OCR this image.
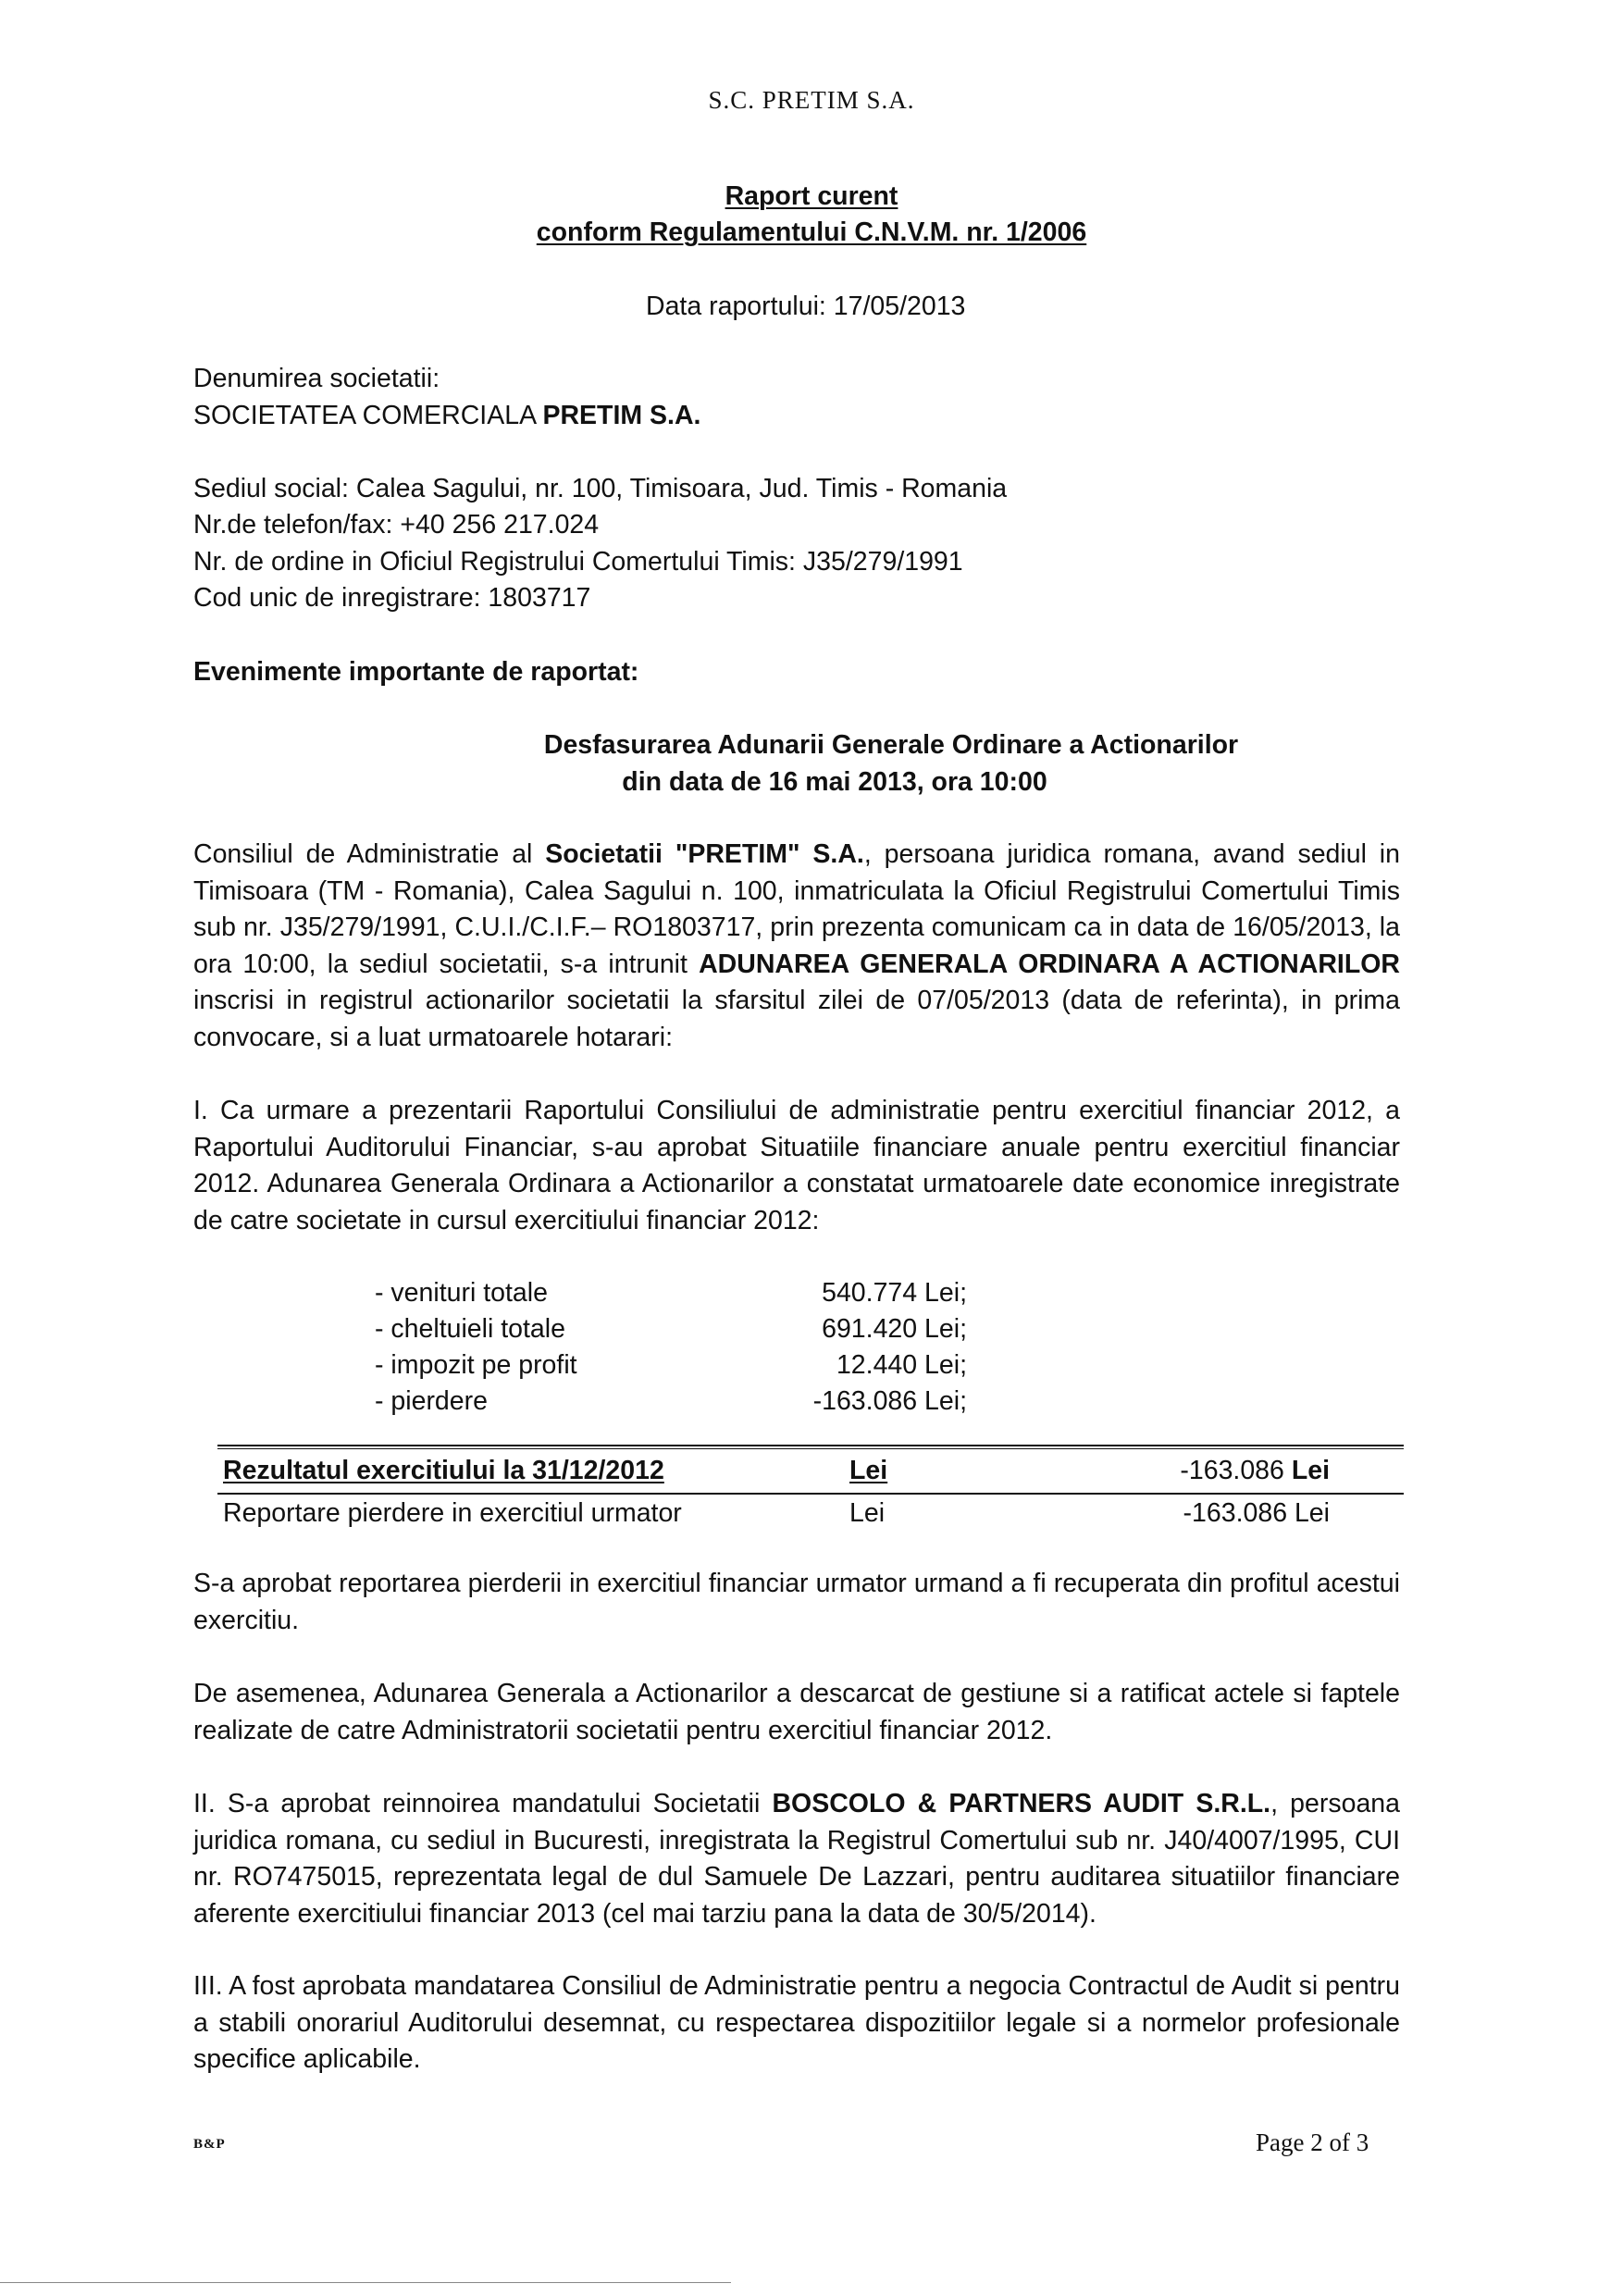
S.C. PRETIM S.A.
Raport curent
conform Regulamentului C.N.V.M. nr. 1/2006
Data raportului: 17/05/2013
Denumirea societatii:
SOCIETATEA COMERCIALA PRETIM S.A.
Sediul social: Calea Sagului, nr. 100, Timisoara, Jud. Timis - Romania
Nr.de telefon/fax: +40 256 217.024
Nr. de ordine in Oficiul Registrului Comertului Timis: J35/279/1991
Cod unic de inregistrare: 1803717
Evenimente importante de raportat:
Desfasurarea Adunarii Generale Ordinare a Actionarilor
din data de 16 mai 2013, ora 10:00

Consiliul de Administratie al Societatii "PRETIM" S.A., persoana juridica romana, avand sediul in Timisoara (TM - Romania), Calea Sagului n. 100, inmatriculata la Oficiul Registrului Comertului Timis sub nr. J35/279/1991, C.U.I./C.I.F.– RO1803717, prin prezenta comunicam ca in data de 16/05/2013, la ora 10:00, la sediul societatii, s-a intrunit ADUNAREA GENERALA ORDINARA A ACTIONARILOR inscrisi in registrul actionarilor societatii la sfarsitul zilei de 07/05/2013 (data de referinta), in prima convocare, si a luat urmatoarele hotarari:

I. Ca urmare a prezentarii Raportului Consiliului de administratie pentru exercitiul financiar 2012, a Raportului Auditorului Financiar, s-au aprobat Situatiile financiare anuale pentru exercitiul financiar 2012. Adunarea Generala Ordinara a Actionarilor a constatat urmatoarele date economice inregistrate de catre societate in cursul exercitiului financiar 2012:

- venituri totale	540.774 Lei;
- cheltuieli totale	691.420 Lei;
- impozit pe profit	12.440 Lei;
- pierdere	-163.086 Lei;
Rezultatul exercitiului la 31/12/2012	Lei	-163.086 Lei
Reportare pierdere in exercitiul urmator	Lei	-163.086 Lei

S-a aprobat reportarea pierderii in exercitiul financiar urmator urmand a fi recuperata din profitul acestui exercitiu.

De asemenea, Adunarea Generala a Actionarilor a descarcat de gestiune si a ratificat actele si faptele realizate de catre Administratorii societatii pentru exercitiul financiar 2012.

II. S-a aprobat reinnoirea mandatului Societatii BOSCOLO & PARTNERS AUDIT S.R.L., persoana juridica romana, cu sediul in Bucuresti, inregistrata la Registrul Comertului sub nr. J40/4007/1995, CUI nr. RO7475015, reprezentata legal de dul Samuele De Lazzari, pentru auditarea situatiilor financiare aferente exercitiului financiar 2013 (cel mai tarziu pana la data de 30/5/2014).

III. A fost aprobata mandatarea Consiliul de Administratie pentru a negocia Contractul de Audit si pentru a stabili onorariul Auditorului desemnat, cu respectarea dispozitiilor legale si a normelor profesionale specifice aplicabile.

B&P	Page 2 of 3
